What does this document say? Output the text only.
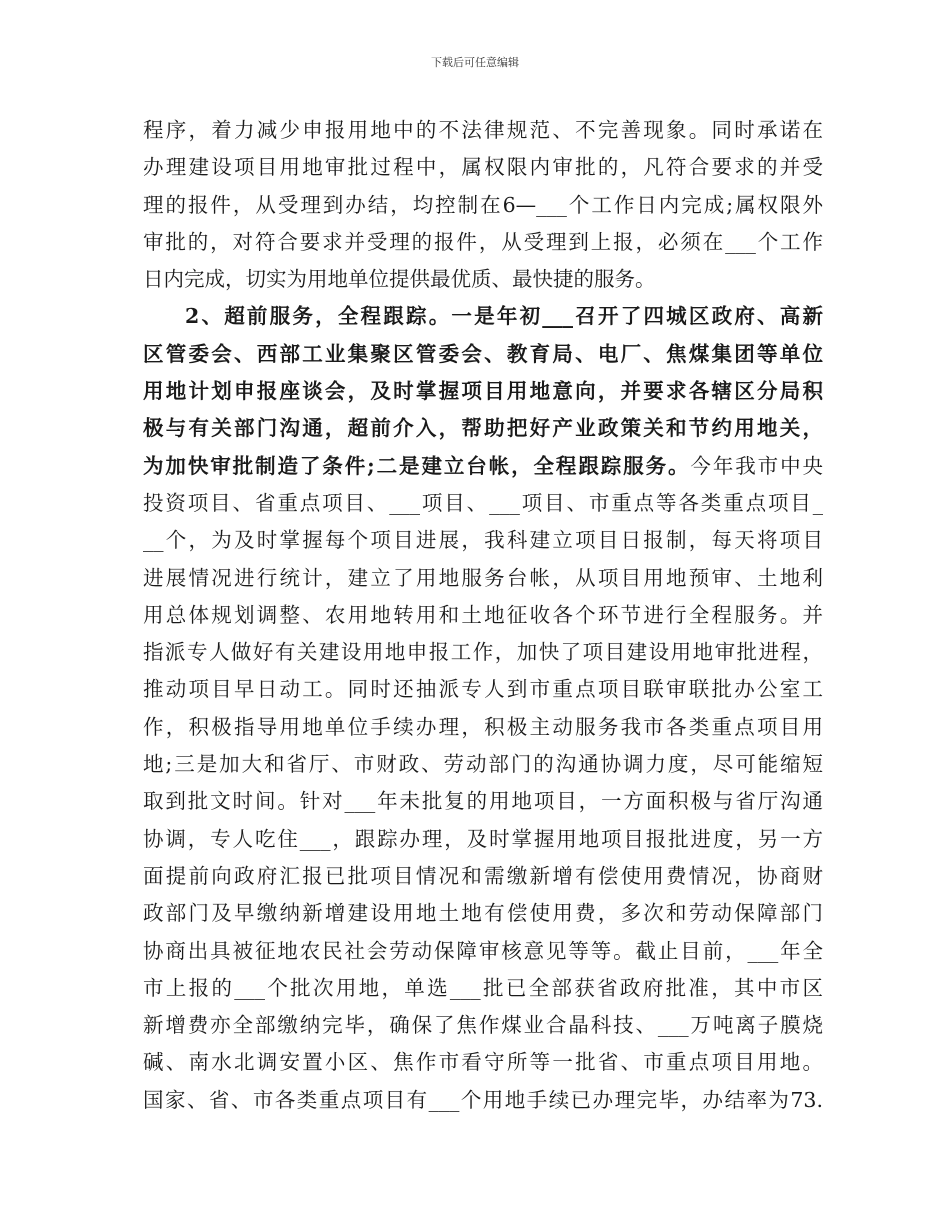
下载后可任意编辑
程序，着力减少申报用地中的不法律规范、不完善现象。同时承诺在
办理建设项目用地审批过程中，属权限内审批的，凡符合要求的并受
理的报件，从受理到办结，均控制在6—___个工作日内完成;属权限外
审批的，对符合要求并受理的报件，从受理到上报，必须在___个工作
日内完成，切实为用地单位提供最优质、最快捷的服务。
2、超前服务，全程跟踪。一是年初___召开了四城区政府、高新
区管委会、西部工业集聚区管委会、教育局、电厂、焦煤集团等单位
用地计划申报座谈会，及时掌握项目用地意向，并要求各辖区分局积
极与有关部门沟通，超前介入，帮助把好产业政策关和节约用地关，
为加快审批制造了条件;二是建立台帐，全程跟踪服务。今年我市中央
投资项目、省重点项目、___项目、___项目、市重点等各类重点项目_
__个，为及时掌握每个项目进展，我科建立项目日报制，每天将项目
进展情况进行统计，建立了用地服务台帐，从项目用地预审、土地利
用总体规划调整、农用地转用和土地征收各个环节进行全程服务。并
指派专人做好有关建设用地申报工作，加快了项目建设用地审批进程，
推动项目早日动工。同时还抽派专人到市重点项目联审联批办公室工
作，积极指导用地单位手续办理，积极主动服务我市各类重点项目用
地;三是加大和省厅、市财政、劳动部门的沟通协调力度，尽可能缩短
取到批文时间。针对___年未批复的用地项目，一方面积极与省厅沟通
协调，专人吃住___，跟踪办理，及时掌握用地项目报批进度，另一方
面提前向政府汇报已批项目情况和需缴新增有偿使用费情况，协商财
政部门及早缴纳新增建设用地土地有偿使用费，多次和劳动保障部门
协商出具被征地农民社会劳动保障审核意见等等。截止目前，___年全
市上报的___个批次用地，单选___批已全部获省政府批准，其中市区
新增费亦全部缴纳完毕，确保了焦作煤业合晶科技、___万吨离子膜烧
碱、南水北调安置小区、焦作市看守所等一批省、市重点项目用地。
国家、省、市各类重点项目有___个用地手续已办理完毕，办结率为73.
